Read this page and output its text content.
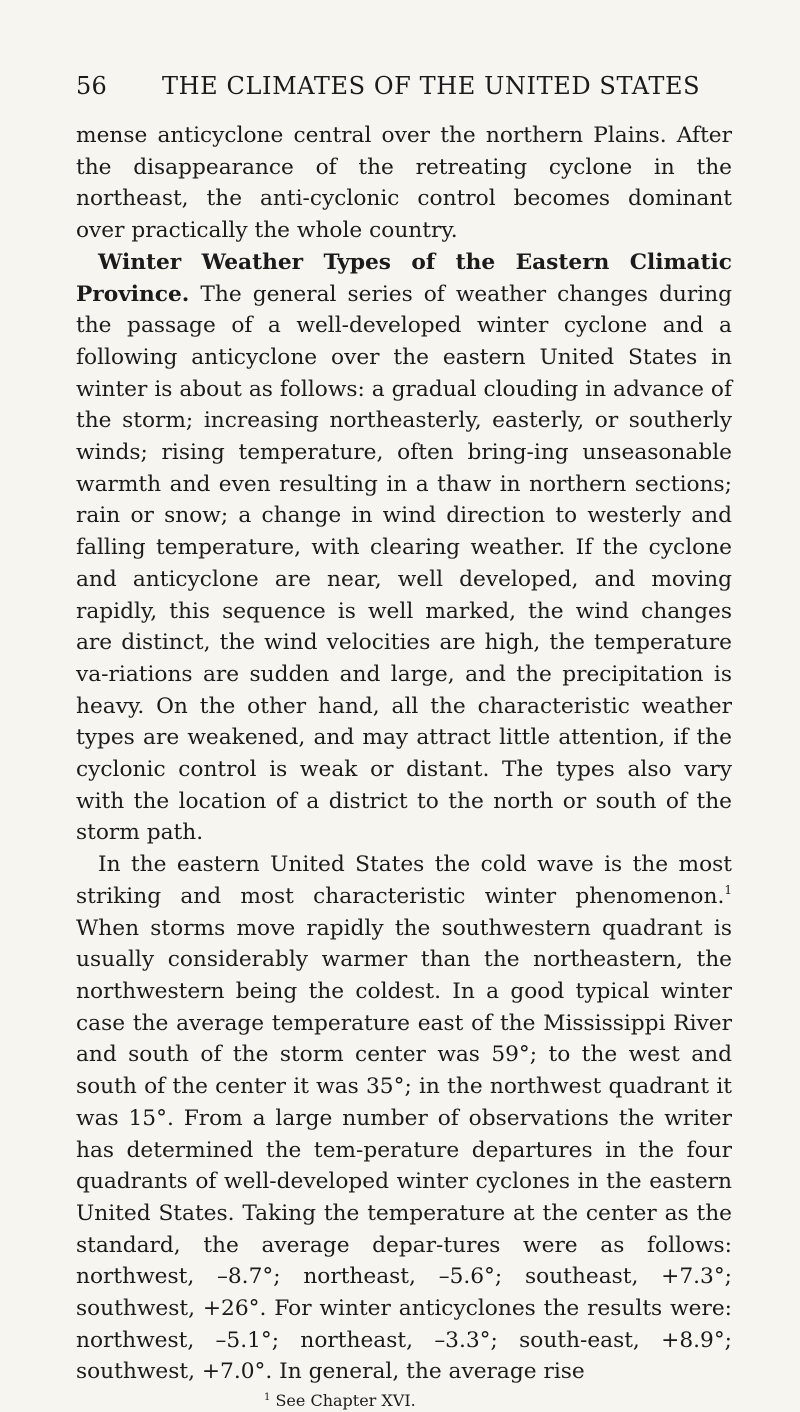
56	THE CLIMATES OF THE UNITED STATES

mense anticyclone central over the northern Plains. After the disappearance of the retreating cyclone in the northeast, the anti-cyclonic control becomes dominant over practically the whole country.

Winter Weather Types of the Eastern Climatic Province. The general series of weather changes during the passage of a well-developed winter cyclone and a following anticyclone over the eastern United States in winter is about as follows: a gradual clouding in advance of the storm; increasing northeasterly, easterly, or southerly winds; rising temperature, often bring-ing unseasonable warmth and even resulting in a thaw in northern sections; rain or snow; a change in wind direction to westerly and falling temperature, with clearing weather. If the cyclone and anticyclone are near, well developed, and moving rapidly, this sequence is well marked, the wind changes are distinct, the wind velocities are high, the temperature va-riations are sudden and large, and the precipitation is heavy. On the other hand, all the characteristic weather types are weakened, and may attract little attention, if the cyclonic control is weak or distant. The types also vary with the location of a district to the north or south of the storm path.

In the eastern United States the cold wave is the most striking and most characteristic winter phenomenon.$^1$ When storms move rapidly the southwestern quadrant is usually considerably warmer than the northeastern, the northwestern being the coldest. In a good typical winter case the average temperature east of the Mississippi River and south of the storm center was 59°; to the west and south of the center it was 35°; in the northwest quadrant it was 15°. From a large number of observations the writer has determined the tem-perature departures in the four quadrants of well-developed winter cyclones in the eastern United States. Taking the temperature at the center as the standard, the average depar-tures were as follows: northwest, –8.7°; northeast, –5.6°; southeast, +7.3°; southwest, +26°. For winter anticyclones the results were: northwest, –5.1°; northeast, –3.3°; south-east, +8.9°; southwest, +7.0°. In general, the average rise

$^1$ See Chapter XVI.
